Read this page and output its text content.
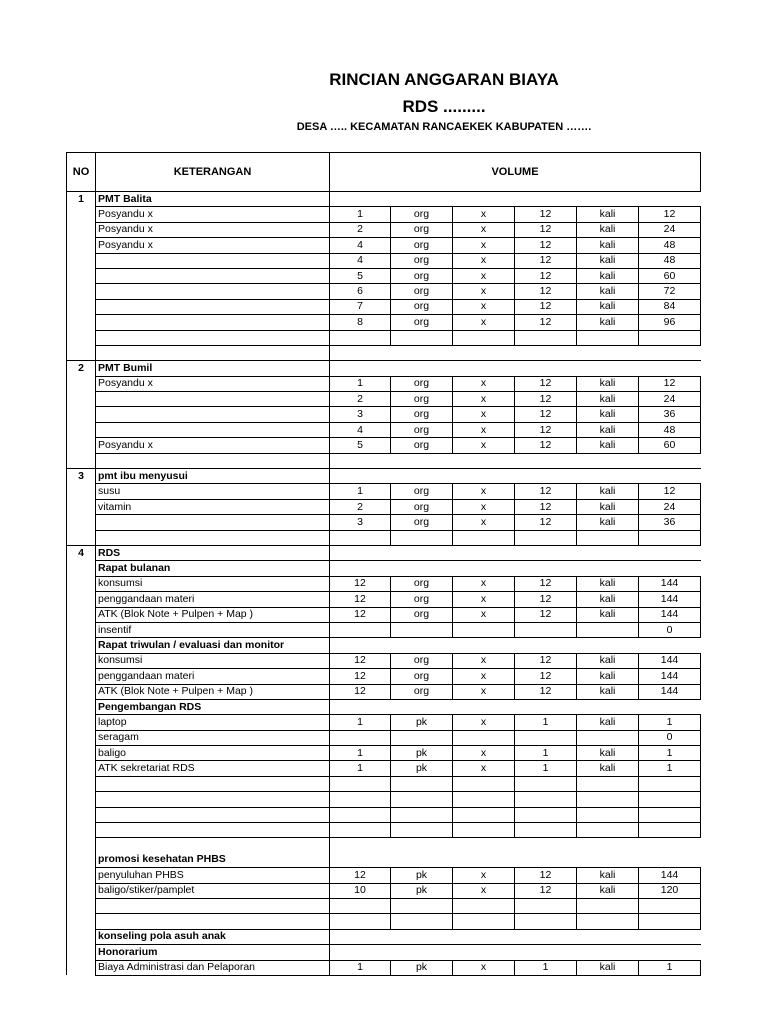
RINCIAN ANGGARAN BIAYA
RDS .........
DESA ….. KECAMATAN RANCAEKEK KABUPATEN …….
NO	KETERANGAN	VOLUME					
1	PMT Balita						
	Posyandu x	1	org	x	12	kali	12
	Posyandu x	2	org	x	12	kali	24
	Posyandu x	4	org	x	12	kali	48
		4	org	x	12	kali	48
		5	org	x	12	kali	60
		6	org	x	12	kali	72
		7	org	x	12	kali	84
		8	org	x	12	kali	96

2	PMT Bumil						
	Posyandu x	1	org	x	12	kali	12
		2	org	x	12	kali	24
		3	org	x	12	kali	36
		4	org	x	12	kali	48
	Posyandu x	5	org	x	12	kali	60

3	pmt ibu menyusui						
	susu	1	org	x	12	kali	12
	vitamin	2	org	x	12	kali	24
		3	org	x	12	kali	36

4	RDS						
	Rapat bulanan						
	konsumsi	12	org	x	12	kali	144
	penggandaan materi	12	org	x	12	kali	144
	ATK (Blok Note + Pulpen + Map )	12	org	x	12	kali	144
	insentif						0
	Rapat triwulan / evaluasi dan monitor						
	konsumsi	12	org	x	12	kali	144
	penggandaan materi	12	org	x	12	kali	144
	ATK (Blok Note + Pulpen + Map )	12	org	x	12	kali	144
	Pengembangan RDS						
	laptop	1	pk	x	1	kali	1
	seragam						0
	baligo	1	pk	x	1	kali	1
	ATK sekretariat RDS	1	pk	x	1	kali	1

	promosi kesehatan PHBS						
	penyuluhan PHBS	12	pk	x	12	kali	144
	baligo/stiker/pamplet	10	pk	x	12	kali	120

	konseling pola asuh anak						
	Honorarium						
	Biaya Administrasi dan Pelaporan	1	pk	x	1	kali	1
